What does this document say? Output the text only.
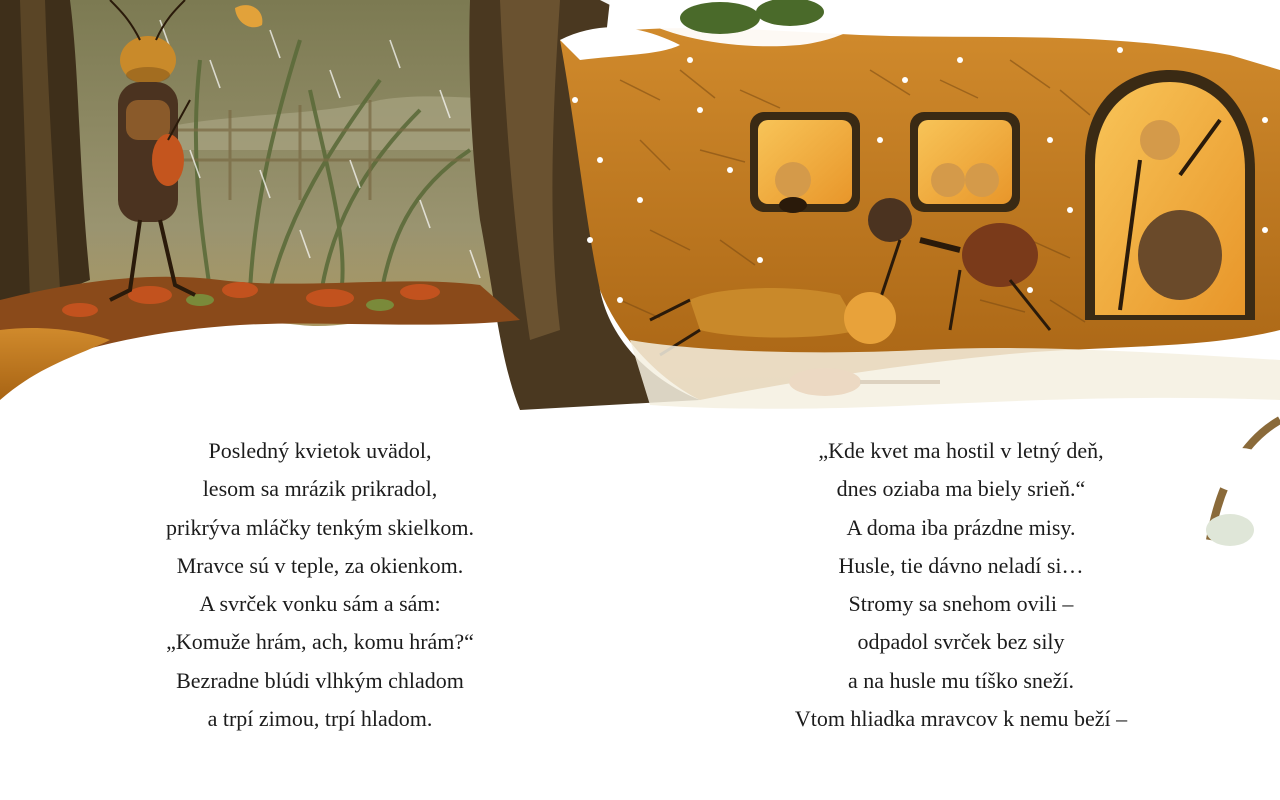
Posledný kvietok uvädol,
lesom sa mrázik prikradol,
prikrýva mláčky tenkým skielkom.
Mravce sú v teple, za okienkom.
A svrček vonku sám a sám:
„Komuže hrám, ach, komu hrám?“
Bezradne blúdi vlhkým chladom
a trpí zimou, trpí hladom.
„Kde kvet ma hostil v letný deň,
dnes oziaba ma biely srieň.“
A doma iba prázdne misy.
Husle, tie dávno neladí si…
Stromy sa snehom ovili –
odpadol svrček bez sily
a na husle mu tíško sneží.
Vtom hliadka mravcov k nemu beží –
